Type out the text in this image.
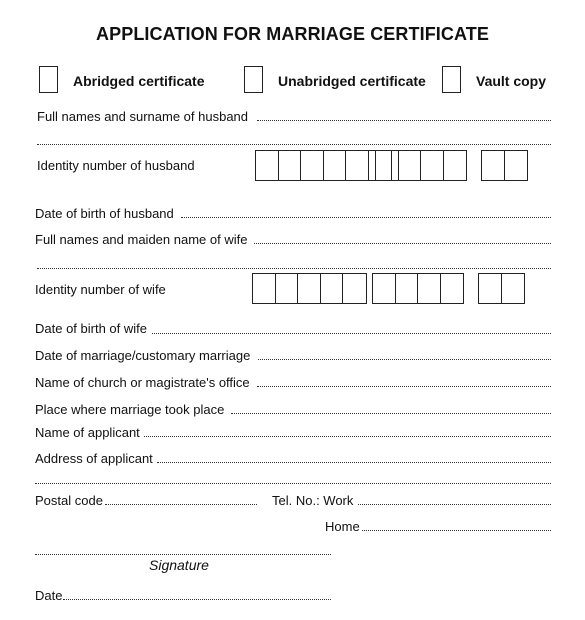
APPLICATION FOR MARRIAGE CERTIFICATE
Abridged certificate	Unabridged certificate	Vault copy
Full names and surname of husband
Identity number of husband
Date of birth of husband
Full names and maiden name of wife
Identity number of wife
Date of birth of wife
Date of marriage/customary marriage
Name of church or magistrate's office
Place where marriage took place
Name of applicant
Address of applicant
Postal code	Tel. No.: Work
Home
Signature
Date
